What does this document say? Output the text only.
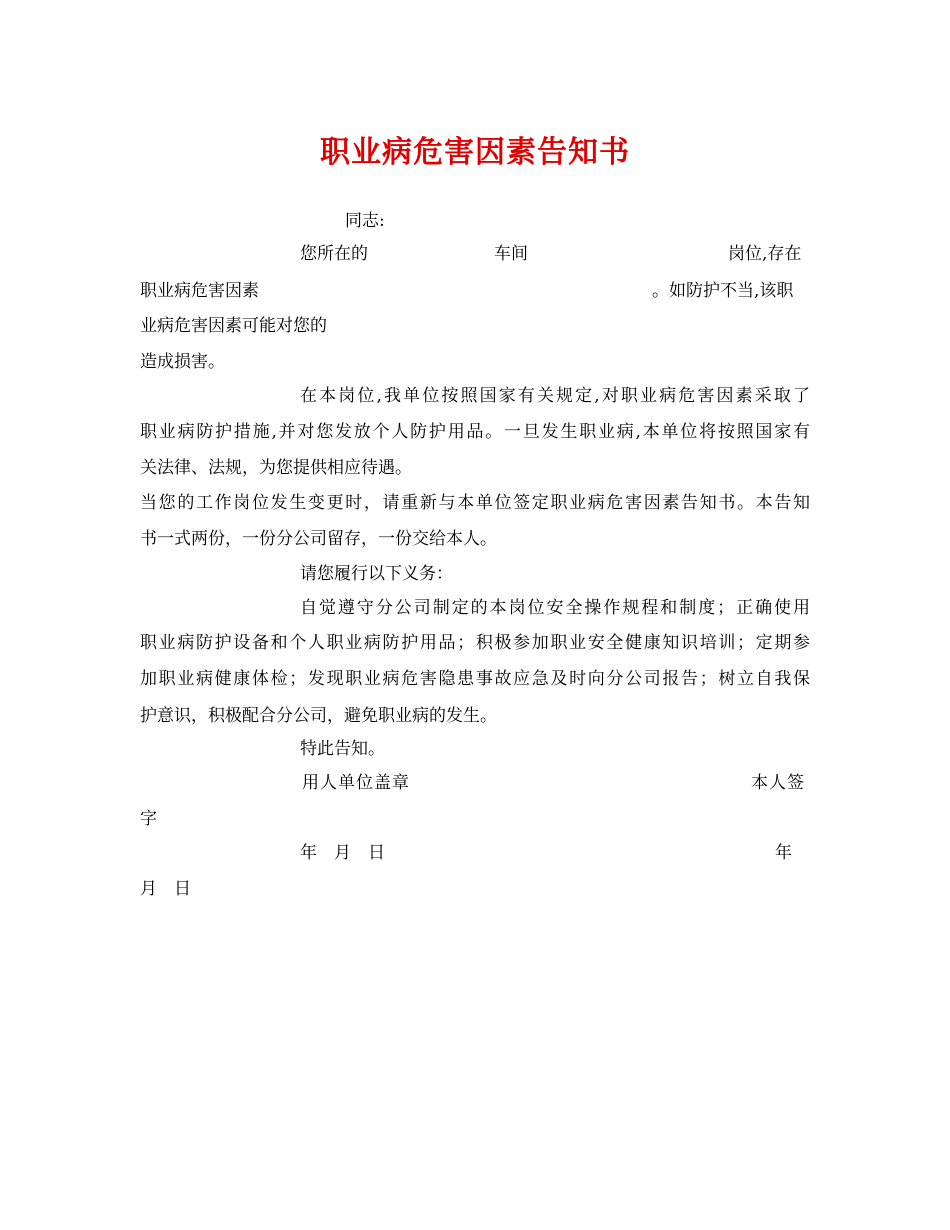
职业病危害因素告知书
同志:
您所在的	车间	岗位,存在
职业病危害因素	。如防护不当,该职
业病危害因素可能对您的
造成损害。
在本岗位,我单位按照国家有关规定,对职业病危害因素采取了
职业病防护措施,并对您发放个人防护用品。一旦发生职业病,本单位将按照国家有
关法律、法规，为您提供相应待遇。
当您的工作岗位发生变更时，请重新与本单位签定职业病危害因素告知书。本告知
书一式两份，一份分公司留存，一份交给本人。
请您履行以下义务：
自觉遵守分公司制定的本岗位安全操作规程和制度；正确使用
职业病防护设备和个人职业病防护用品；积极参加职业安全健康知识培训；定期参
加职业病健康体检；发现职业病危害隐患事故应急及时向分公司报告；树立自我保
护意识，积极配合分公司，避免职业病的发生。
特此告知。
用人单位盖章	本人签
字
年　月　日	年
月　日
